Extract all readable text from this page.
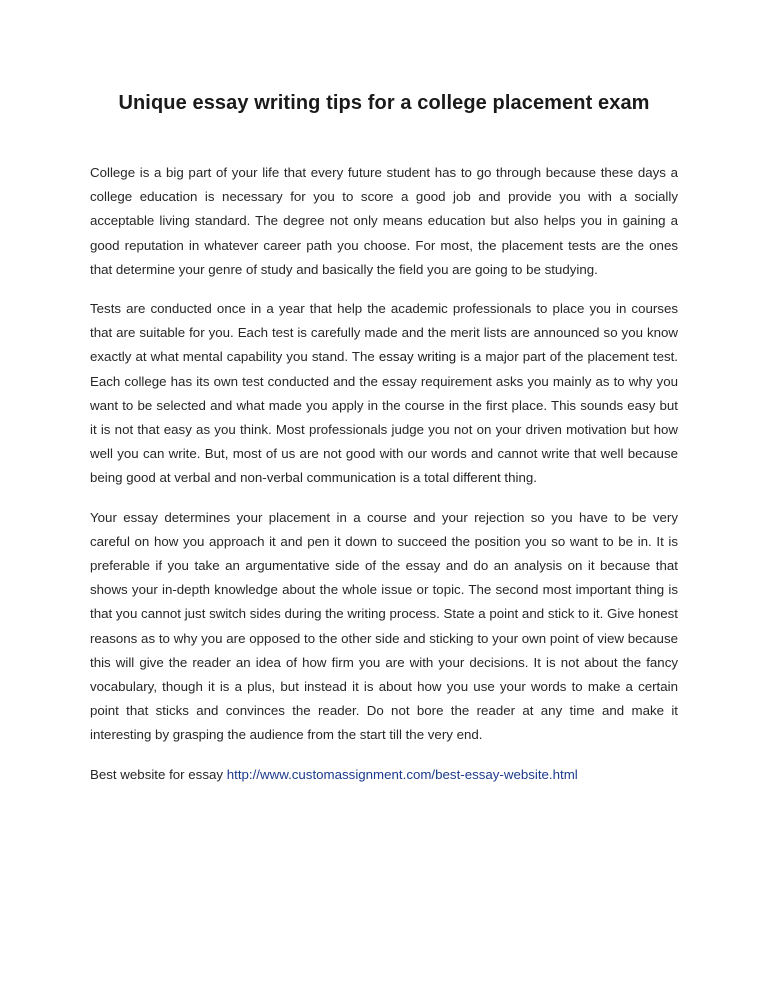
Unique essay writing tips for a college placement exam

College is a big part of your life that every future student has to go through because these days a college education is necessary for you to score a good job and provide you with a socially acceptable living standard. The degree not only means education but also helps you in gaining a good reputation in whatever career path you choose. For most, the placement tests are the ones that determine your genre of study and basically the field you are going to be studying.

Tests are conducted once in a year that help the academic professionals to place you in courses that are suitable for you. Each test is carefully made and the merit lists are announced so you know exactly at what mental capability you stand. The essay writing is a major part of the placement test. Each college has its own test conducted and the essay requirement asks you mainly as to why you want to be selected and what made you apply in the course in the first place. This sounds easy but it is not that easy as you think. Most professionals judge you not on your driven motivation but how well you can write. But, most of us are not good with our words and cannot write that well because being good at verbal and non-verbal communication is a total different thing.

Your essay determines your placement in a course and your rejection so you have to be very careful on how you approach it and pen it down to succeed the position you so want to be in. It is preferable if you take an argumentative side of the essay and do an analysis on it because that shows your in-depth knowledge about the whole issue or topic. The second most important thing is that you cannot just switch sides during the writing process. State a point and stick to it. Give honest reasons as to why you are opposed to the other side and sticking to your own point of view because this will give the reader an idea of how firm you are with your decisions. It is not about the fancy vocabulary, though it is a plus, but instead it is about how you use your words to make a certain point that sticks and convinces the reader. Do not bore the reader at any time and make it interesting by grasping the audience from the start till the very end.

Best website for essay http://www.customassignment.com/best-essay-website.html
